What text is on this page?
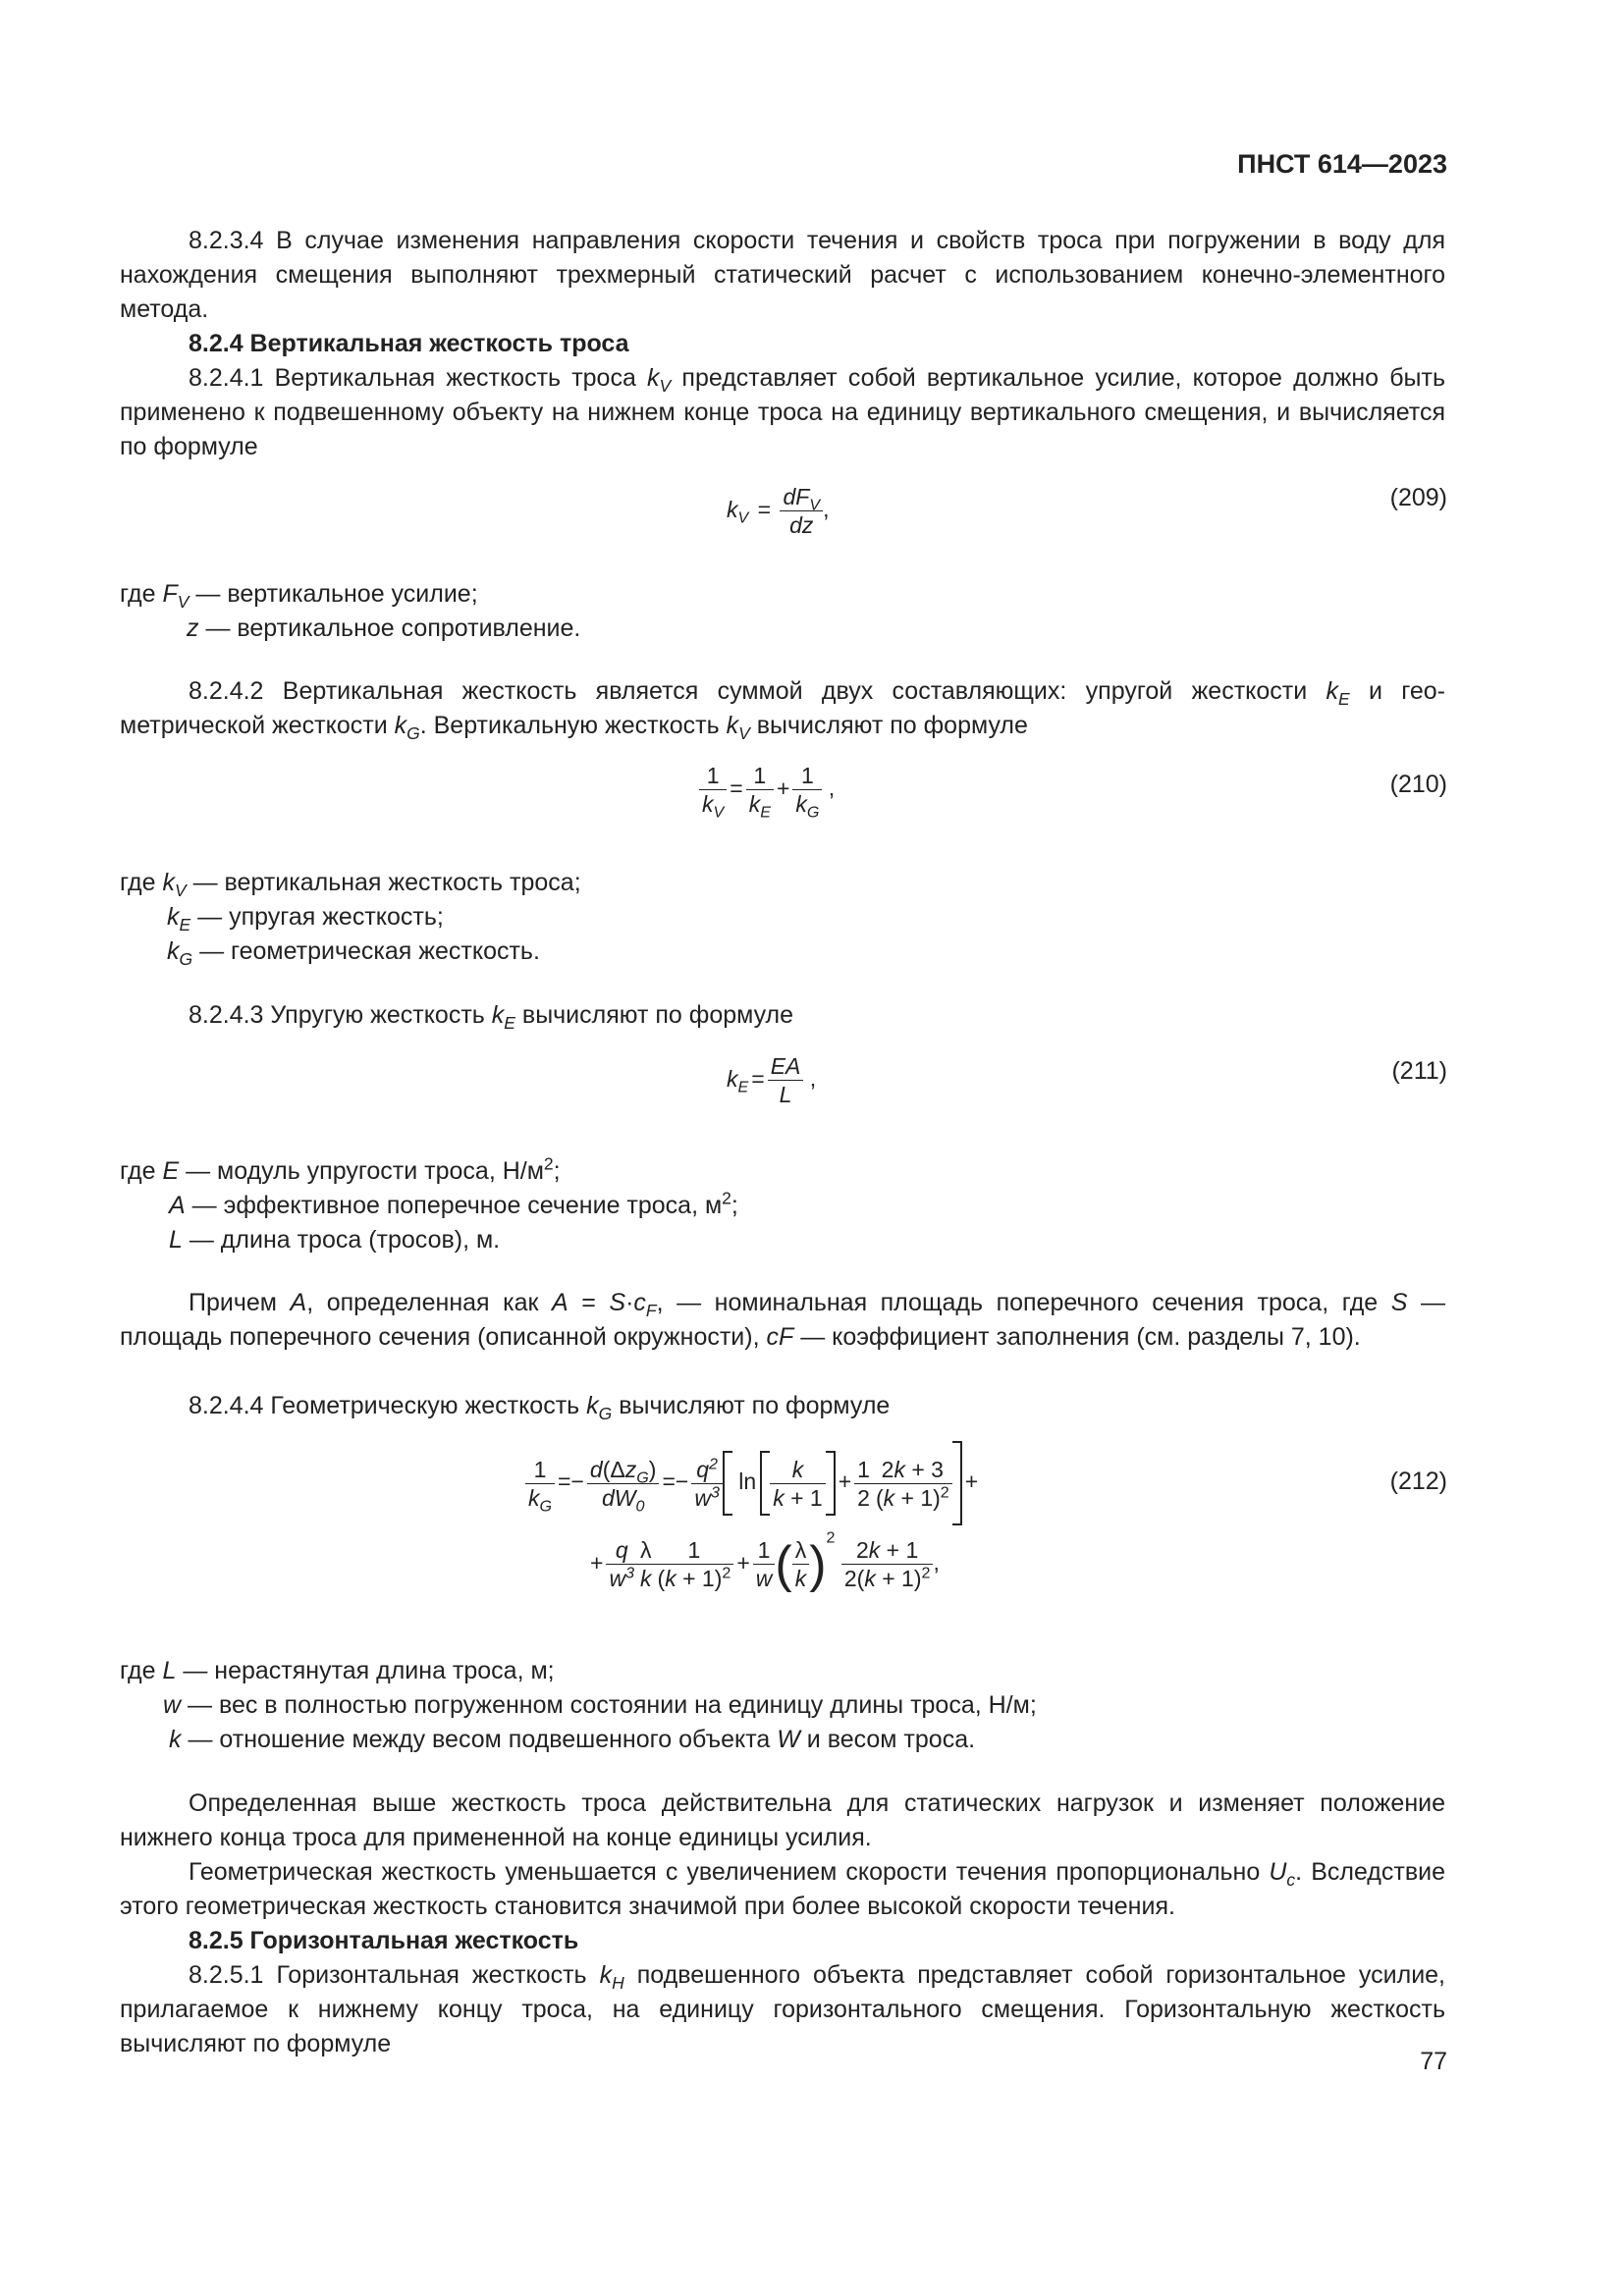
ПНСТ 614—2023

8.2.3.4 В случае изменения направления скорости течения и свойств троса при погружении в воду для нахождения смещения выполняют трехмерный статический расчет с использованием конечно-элементного метода.

8.2.4 Вертикальная жесткость троса

8.2.4.1 Вертикальная жесткость троса $k_V$ представляет собой вертикальное усилие, которое должно быть применено к подвешенному объекту на нижнем конце троса на единицу вертикального смещения, и вычисляется по формуле

$k_V = \frac{dF_V}{dz}$ ,	(209)
где $F_V$ — вертикальное усилие;
z — вертикальное сопротивление.

8.2.4.2 Вертикальная жесткость является суммой двух составляющих: упругой жесткости $k_E$ и гео-метрической жесткости $k_G$. Вертикальную жесткость $k_V$ вычисляют по формуле

$\frac{1}{k_V} = \frac{1}{k_E} + \frac{1}{k_G}$ ,	(210)
где $k_V$ — вертикальная жесткость троса;
$k_E$ — упругая жесткость;
$k_G$ — геометрическая жесткость.
8.2.4.3 Упругую жесткость $k_E$ вычисляют по формуле
$k_E = \frac{EA}{L}$ ,	(211)
где E — модуль упругости троса, $Н/м^2$;
A — эффективное поперечное сечение троса, $м^2$;
L — длина троса (тросов), м.

Причем A, определенная как $A = S\cdot c_F$, — номинальная площадь поперечного сечения троса, где S — площадь поперечного сечения (описанной окружности), cF — коэффициент заполнения (см. разделы 7, 10).

8.2.4.4 Геометрическую жесткость $k_G$ вычисляют по формуле
$\frac{1}{k_G} =- \frac{d(\Delta z_G)}{dW_0} =- \frac{q^2}{w^3}$ $\ln \frac{k}{k + 1} + \frac{1}{2} \frac{2k + 3}{(k + 1)^2}$ +	(212)
+ $\frac{q}{w^3} \frac{\lambda}{k} \frac{1}{(k + 1)^2} + \frac{1}{w}$ ( $\frac{\lambda}{k} )^2 \frac{2k + 1}{2(k + 1)^2}$ ,
где L — нерастянутая длина троса, м;
w — вес в полностью погруженном состоянии на единицу длины троса, Н/м;
k — отношение между весом подвешенного объекта W и весом троса.

Определенная выше жесткость троса действительна для статических нагрузок и изменяет положение нижнего конца троса для примененной на конце единицы усилия.

Геометрическая жесткость уменьшается с увеличением скорости течения пропорционально $U_c$. Вследствие этого геометрическая жесткость становится значимой при более высокой скорости течения.

8.2.5 Горизонтальная жесткость

8.2.5.1 Горизонтальная жесткость $k_H$ подвешенного объекта представляет собой горизонтальное усилие, прилагаемое к нижнему концу троса, на единицу горизонтального смещения. Горизонтальную жесткость вычисляют по формуле

77
